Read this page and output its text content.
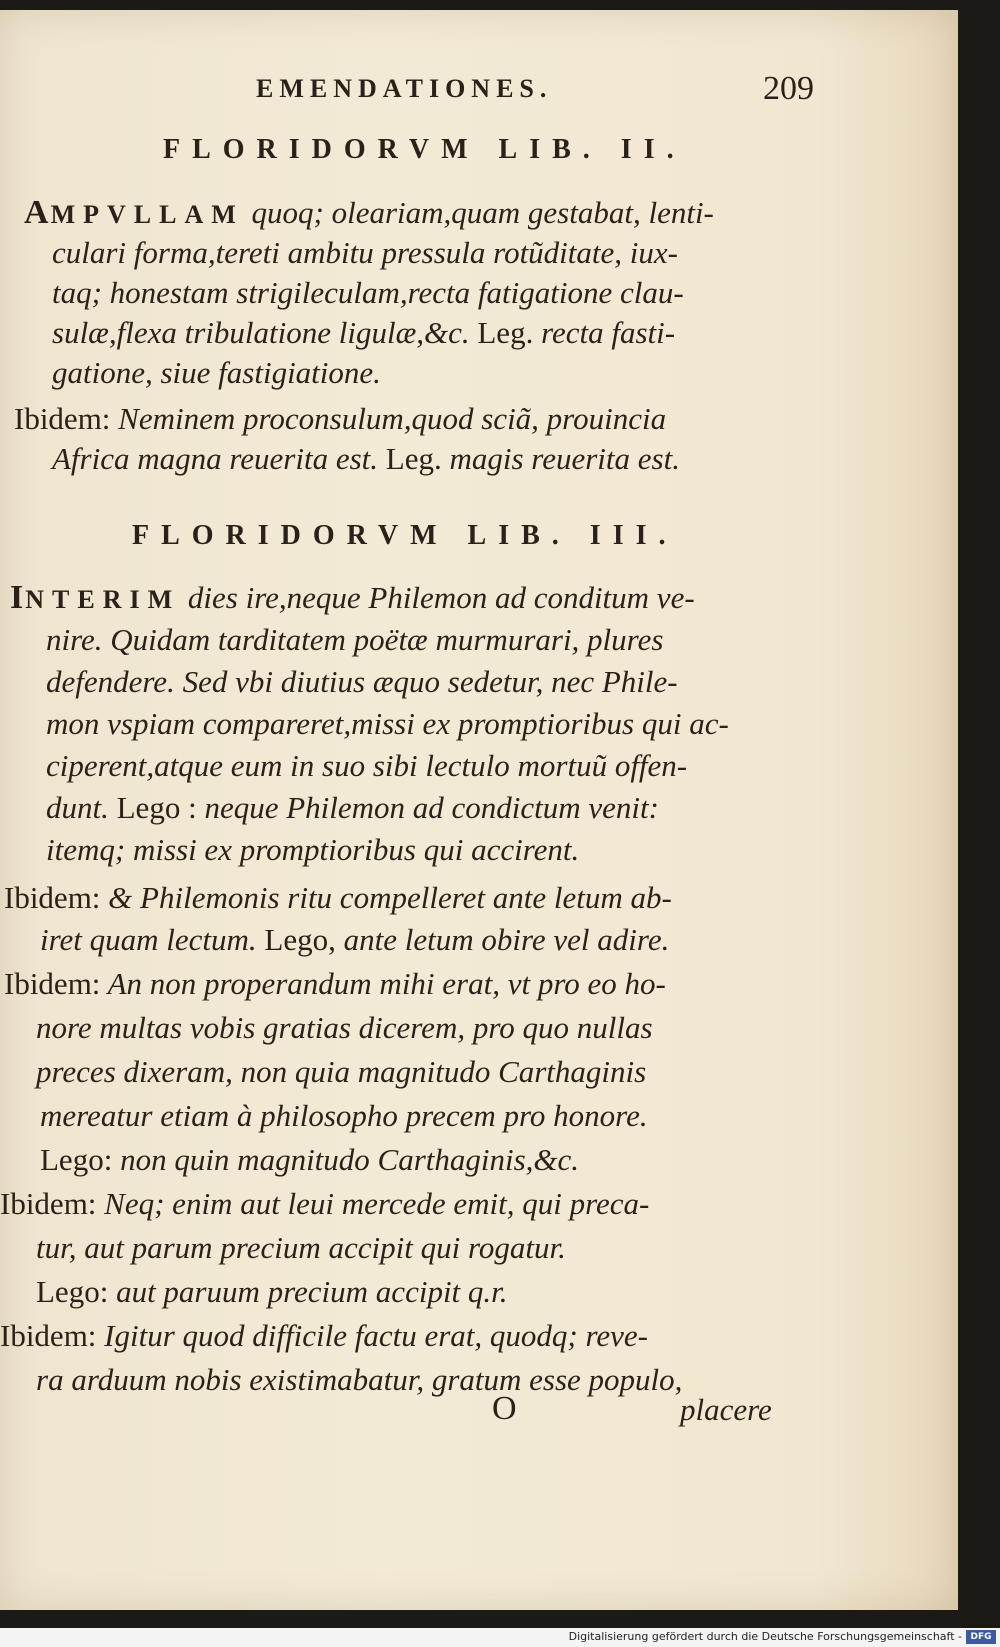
EMENDATIONES.	209
FLORIDORVM LIB. II.
AMPVLLAM quoq; oleariam,quam gestabat, lenti-
culari forma,tereti ambitu pressula rotũditate, iux-
taq; honestam strigileculam,recta fatigatione clau-
sulæ,flexa tribulatione ligulæ,&c. Leg. recta fasti-
gatione, siue fastigiatione.
Ibidem: Neminem proconsulum,quod sciã, prouincia
Africa magna reuerita est. Leg. magis reuerita est.
FLORIDORVM LIB. III.
INTERIM dies ire,neque Philemon ad conditum ve-
nire. Quidam tarditatem poëtæ murmurari, plures
defendere. Sed vbi diutius æquo sedetur, nec Phile-
mon vspiam compareret,missi ex promptioribus qui ac-
ciperent,atque eum in suo sibi lectulo mortuũ offen-
dunt. Lego : neque Philemon ad condictum venit:
itemq; missi ex promptioribus qui accirent.
Ibidem: & Philemonis ritu compelleret ante letum ab-
iret quam lectum. Lego, ante letum obire vel adire.
Ibidem: An non properandum mihi erat, vt pro eo ho-
nore multas vobis gratias dicerem, pro quo nullas
preces dixeram, non quia magnitudo Carthaginis
mereatur etiam à philosopho precem pro honore.
Lego: non quin magnitudo Carthaginis,&c.
Ibidem: Neq; enim aut leui mercede emit, qui preca-
tur, aut parum precium accipit qui rogatur.
Lego: aut paruum precium accipit q.r.
Ibidem: Igitur quod difficile factu erat, quodq; reve-
ra arduum nobis existimabatur, gratum esse populo,
O	placere
Digitalisierung gefördert durch die Deutsche Forschungsgemeinschaft - DFG
